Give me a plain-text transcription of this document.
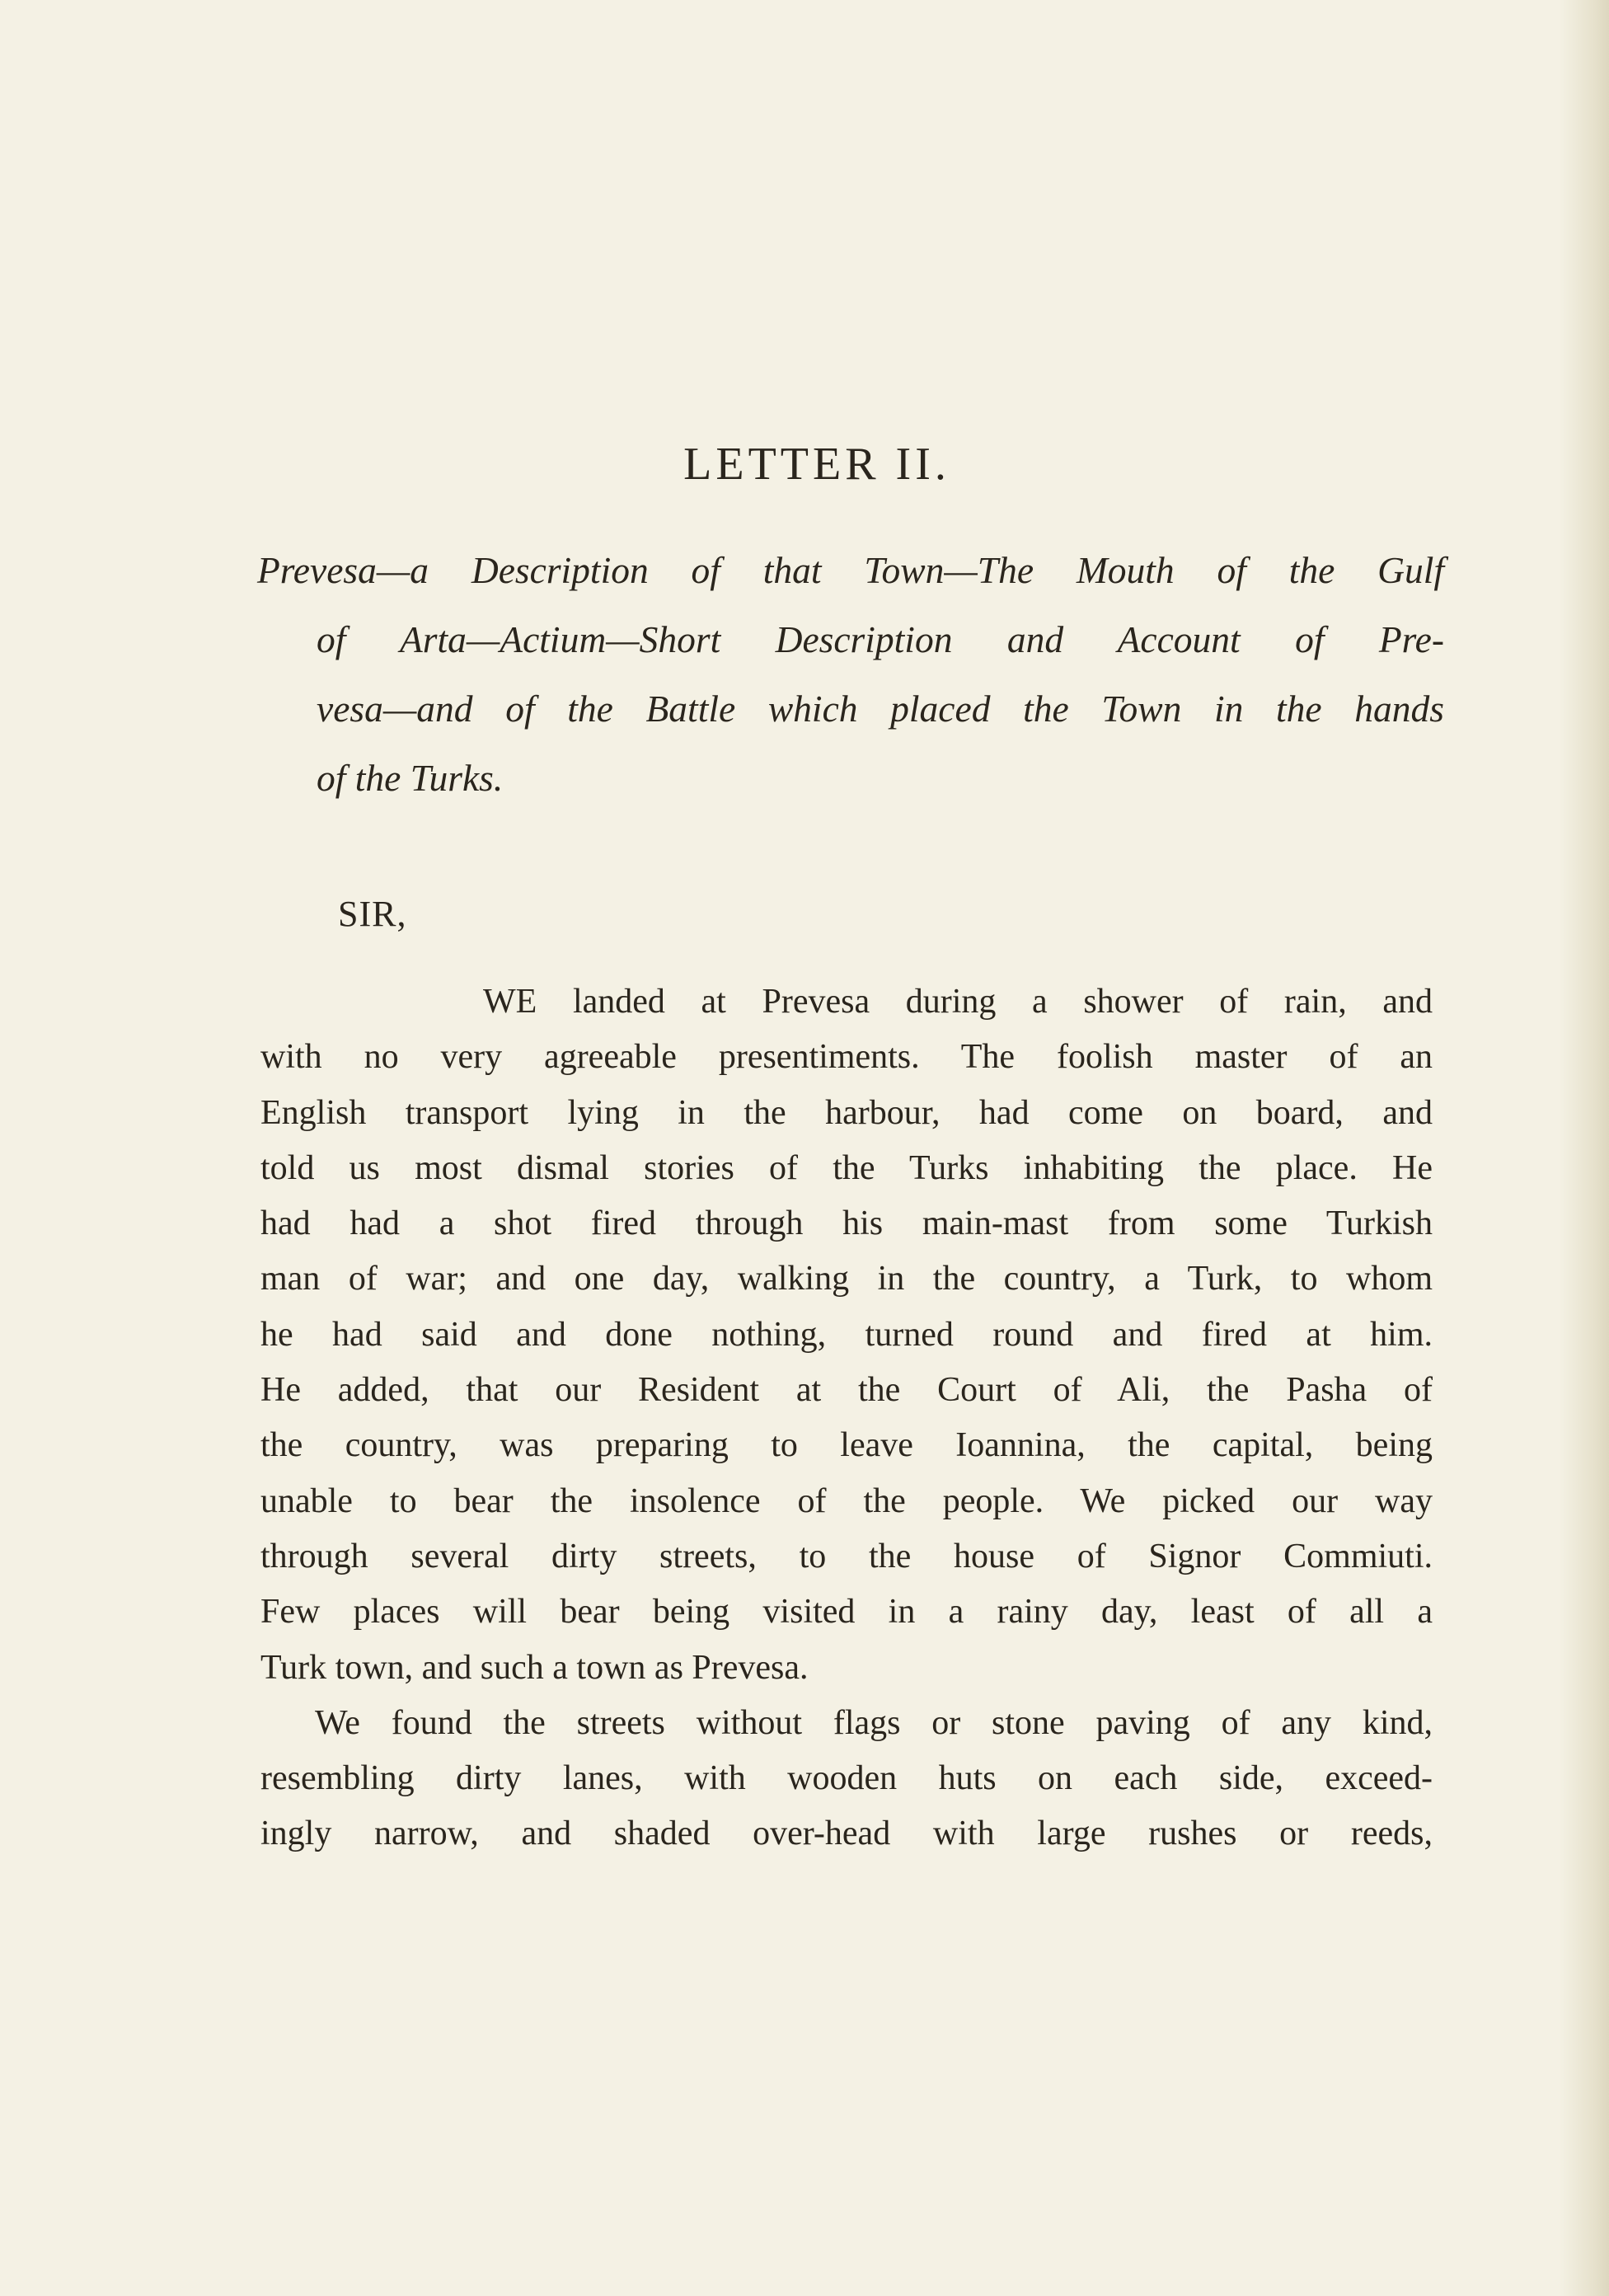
LETTER II.
Prevesa—a Description of that Town—The Mouth of the Gulf
of Arta—Actium—Short Description and Account of Pre-
vesa—and of the Battle which placed the Town in the hands
of the Turks.
SIR,
WE landed at Prevesa during a shower of rain, and
with no very agreeable presentiments. The foolish master of an
English transport lying in the harbour, had come on board, and
told us most dismal stories of the Turks inhabiting the place. He
had had a shot fired through his main-mast from some Turkish
man of war; and one day, walking in the country, a Turk, to whom
he had said and done nothing, turned round and fired at him.
He added, that our Resident at the Court of Ali, the Pasha of
the country, was preparing to leave Ioannina, the capital, being
unable to bear the insolence of the people. We picked our way
through several dirty streets, to the house of Signor Commiuti.
Few places will bear being visited in a rainy day, least of all a
Turk town, and such a town as Prevesa.
We found the streets without flags or stone paving of any kind,
resembling dirty lanes, with wooden huts on each side, exceed-
ingly narrow, and shaded over-head with large rushes or reeds,
